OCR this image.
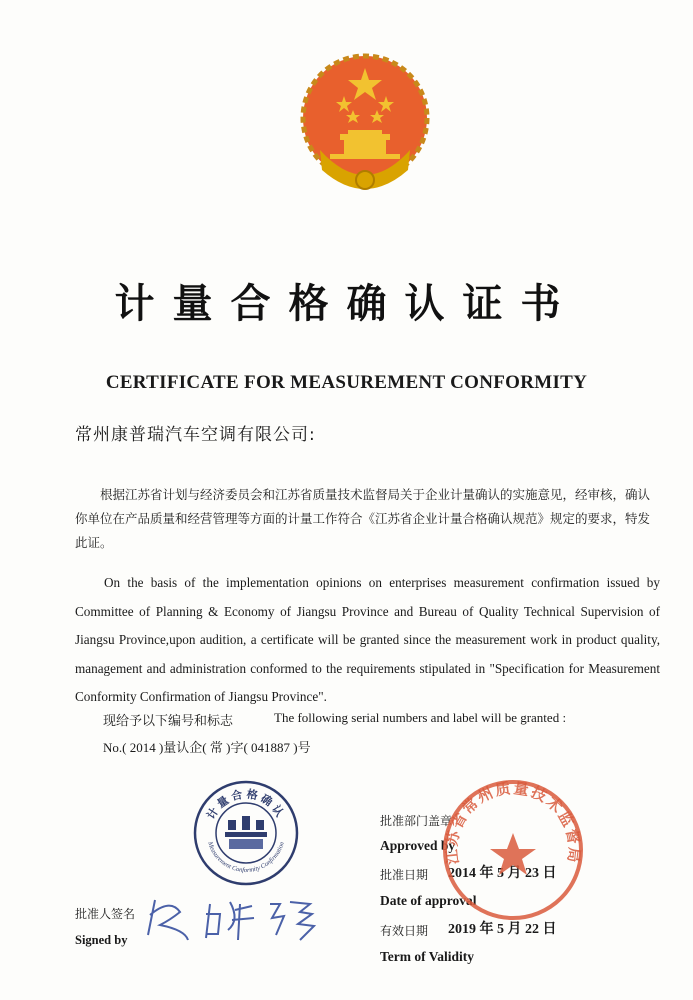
计量合格确认证书
CERTIFICATE FOR MEASUREMENT CONFORMITY
常州康普瑞汽车空调有限公司:
根据江苏省计划与经济委员会和江苏省质量技术监督局关于企业计量确认的实施意见，经审核，确认你单位在产品质量和经营管理等方面的计量工作符合《江苏省企业计量合格确认规范》规定的要求，特发此证。
On the basis of the implementation opinions on enterprises measurement confirmation issued by Committee of Planning & Economy of Jiangsu Province and Bureau of Quality Technical Supervision of Jiangsu Province,upon audition, a certificate will be granted since the measurement work in product quality, management and administration conformed to the requirements stipulated in "Specification for Measurement Conformity Confirmation of Jiangsu Province".
现给予以下编号和标志	The following serial numbers and label will be granted :
No.( 2014 )量认企( 常 )字( 041887 )号
计量合格确认
Measurement Conformity Confirmation
批准人签名
Signed by
批准部门盖章
Approved by
批准日期 2014 年 5 月 23 日
Date of approval
有效日期 2019 年 5 月 22 日
Term of Validity
江苏省常州质量技术监督局
